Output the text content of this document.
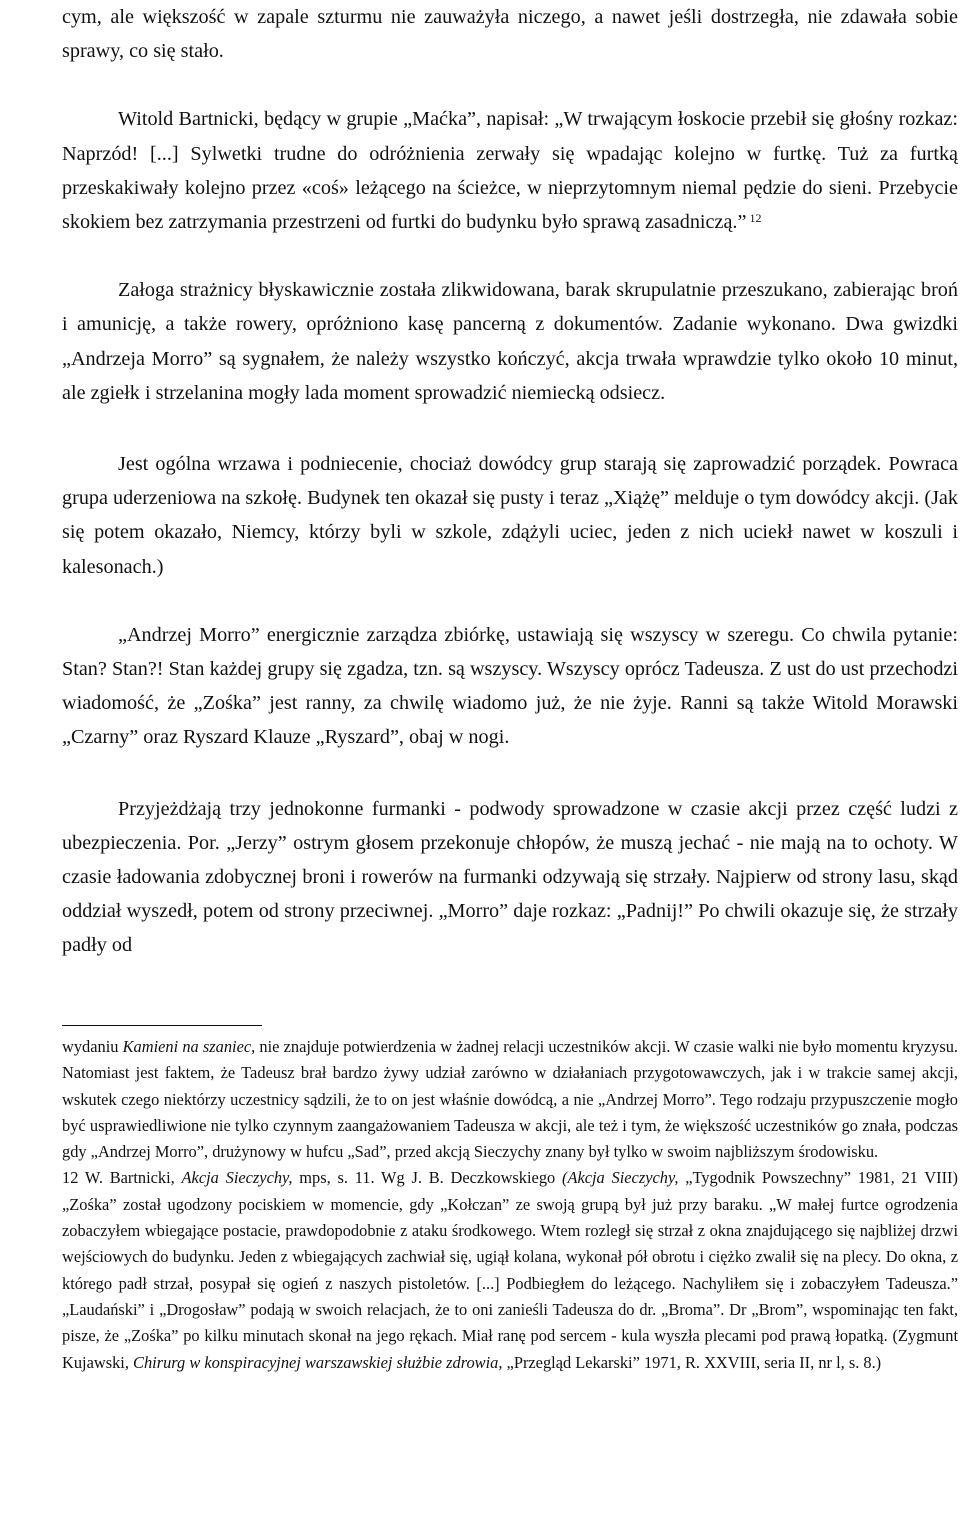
cym, ale większość w zapale szturmu nie zauważyła niczego, a nawet jeśli dostrzegła, nie zdawała sobie sprawy, co się stało.

Witold Bartnicki, będący w grupie „Maćka”, napisał: „W trwającym łoskocie przebił się głośny rozkaz: Naprzód! [...] Sylwetki trudne do odróżnienia zerwały się wpadając kolejno w furtkę. Tuż za furtką przeskakiwały kolejno przez «coś» leżącego na ścieżce, w nieprzytomnym niemal pędzie do sieni. Przebycie skokiem bez zatrzymania przestrzeni od furtki do budynku było sprawą zasadniczą.” $^{12}$

Załoga strażnicy błyskawicznie została zlikwidowana, barak skrupulatnie przeszukano, zabierając broń i amunicję, a także rowery, opróżniono kasę pancerną z dokumentów. Zadanie wykonano. Dwa gwizdki „Andrzeja Morro” są sygnałem, że należy wszystko kończyć, akcja trwała wprawdzie tylko około 10 minut, ale zgiełk i strzelanina mogły lada moment sprowadzić niemiecką odsiecz.

Jest ogólna wrzawa i podniecenie, chociaż dowódcy grup starają się zaprowadzić porządek. Powraca grupa uderzeniowa na szkołę. Budynek ten okazał się pusty i teraz „Xiążę” melduje o tym dowódcy akcji. (Jak się potem okazało, Niemcy, którzy byli w szkole, zdążyli uciec, jeden z nich uciekł nawet w koszuli i kalesonach.)

„Andrzej Morro” energicznie zarządza zbiórkę, ustawiają się wszyscy w szeregu. Co chwila pytanie: Stan? Stan?! Stan każdej grupy się zgadza, tzn. są wszyscy. Wszyscy oprócz Tadeusza. Z ust do ust przechodzi wiadomość, że „Zośka” jest ranny, za chwilę wiadomo już, że nie żyje. Ranni są także Witold Morawski „Czarny” oraz Ryszard Klauze „Ryszard”, obaj w nogi.

Przyjeżdżają trzy jednokonne furmanki - podwody sprowadzone w czasie akcji przez część ludzi z ubezpieczenia. Por. „Jerzy” ostrym głosem przekonuje chłopów, że muszą jechać - nie mają na to ochoty. W czasie ładowania zdobycznej broni i rowerów na furmanki odzywają się strzały. Najpierw od strony lasu, skąd oddział wyszedł, potem od strony przeciwnej. „Morro” daje rozkaz: „Padnij!” Po chwili okazuje się, że strzały padły od

wydaniu Kamieni na szaniec, nie znajduje potwierdzenia w żadnej relacji uczestników akcji. W czasie walki nie było momentu kryzysu. Natomiast jest faktem, że Tadeusz brał bardzo żywy udział zarówno w działaniach przygotowawczych, jak i w trakcie samej akcji, wskutek czego niektórzy uczestnicy sądzili, że to on jest właśnie dowódcą, a nie „Andrzej Morro”. Tego rodzaju przypuszczenie mogło być usprawiedliwione nie tylko czynnym zaangażowaniem Tadeusza w akcji, ale też i tym, że większość uczestników go znała, podczas gdy „Andrzej Morro”, drużynowy w hufcu „Sad”, przed akcją Sieczychy znany był tylko w swoim najbliższym środowisku.

12 W. Bartnicki, Akcja Sieczychy, mps, s. 11. Wg J. B. Deczkowskiego (Akcja Sieczychy, „Tygodnik Powszechny” 1981, 21 VIII) „Zośka” został ugodzony pociskiem w momencie, gdy „Kołczan” ze swoją grupą był już przy baraku. „W małej furtce ogrodzenia zobaczyłem wbiegające postacie, prawdopodobnie z ataku środkowego. Wtem rozległ się strzał z okna znajdującego się najbliżej drzwi wejściowych do budynku. Jeden z wbiegających zachwiał się, ugiął kolana, wykonał pół obrotu i ciężko zwalił się na plecy. Do okna, z którego padł strzał, posypał się ogień z naszych pistoletów. [...] Podbiegłem do leżącego. Nachyliłem się i zobaczyłem Tadeusza.” „Laudański” i „Drogosław” podają w swoich relacjach, że to oni zanieśli Tadeusza do dr. „Broma”. Dr „Brom”, wspominając ten fakt, pisze, że „Zośka” po kilku minutach skonał na jego rękach. Miał ranę pod sercem - kula wyszła plecami pod prawą łopatką. (Zygmunt Kujawski, Chirurg w konspiracyjnej warszawskiej służbie zdrowia, „Przegląd Lekarski” 1971, R. XXVIII, seria II, nr l, s. 8.)
